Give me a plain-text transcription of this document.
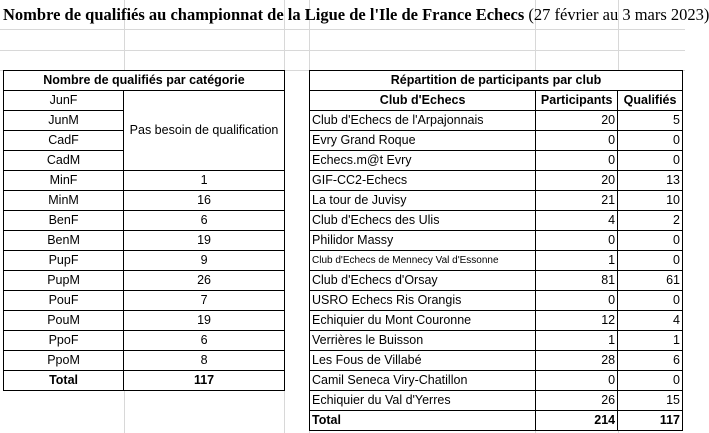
Nombre de qualifiés au championnat de la Ligue de l'Ile de France Echecs (27 février au 3 mars 2023)
Nombre de qualifiés par catégorie	
JunF	Pas besoin de qualification
JunM	
CadF	
CadM	
MinF	1
MinM	16
BenF	6
BenM	19
PupF	9
PupM	26
PouF	7
PouM	19
PpoF	6
PpoM	8
Total	117
Répartition de participants par club		
Club d'Echecs	Participants	Qualifiés
Club d'Echecs de l'Arpajonnais	20	5
Evry Grand Roque	0	0
Echecs.m@t Evry	0	0
GIF-CC2-Echecs	20	13
La tour de Juvisy	21	10
Club d'Echecs des Ulis	4	2
Philidor Massy	0	0
Club d'Echecs de Mennecy Val d'Essonne	1	0
Club d'Echecs d'Orsay	81	61
USRO Echecs Ris Orangis	0	0
Echiquier du Mont Couronne	12	4
Verrières le Buisson	1	1
Les Fous de Villabé	28	6
Camil Seneca Viry-Chatillon	0	0
Echiquier du Val d'Yerres	26	15
Total	214	117
